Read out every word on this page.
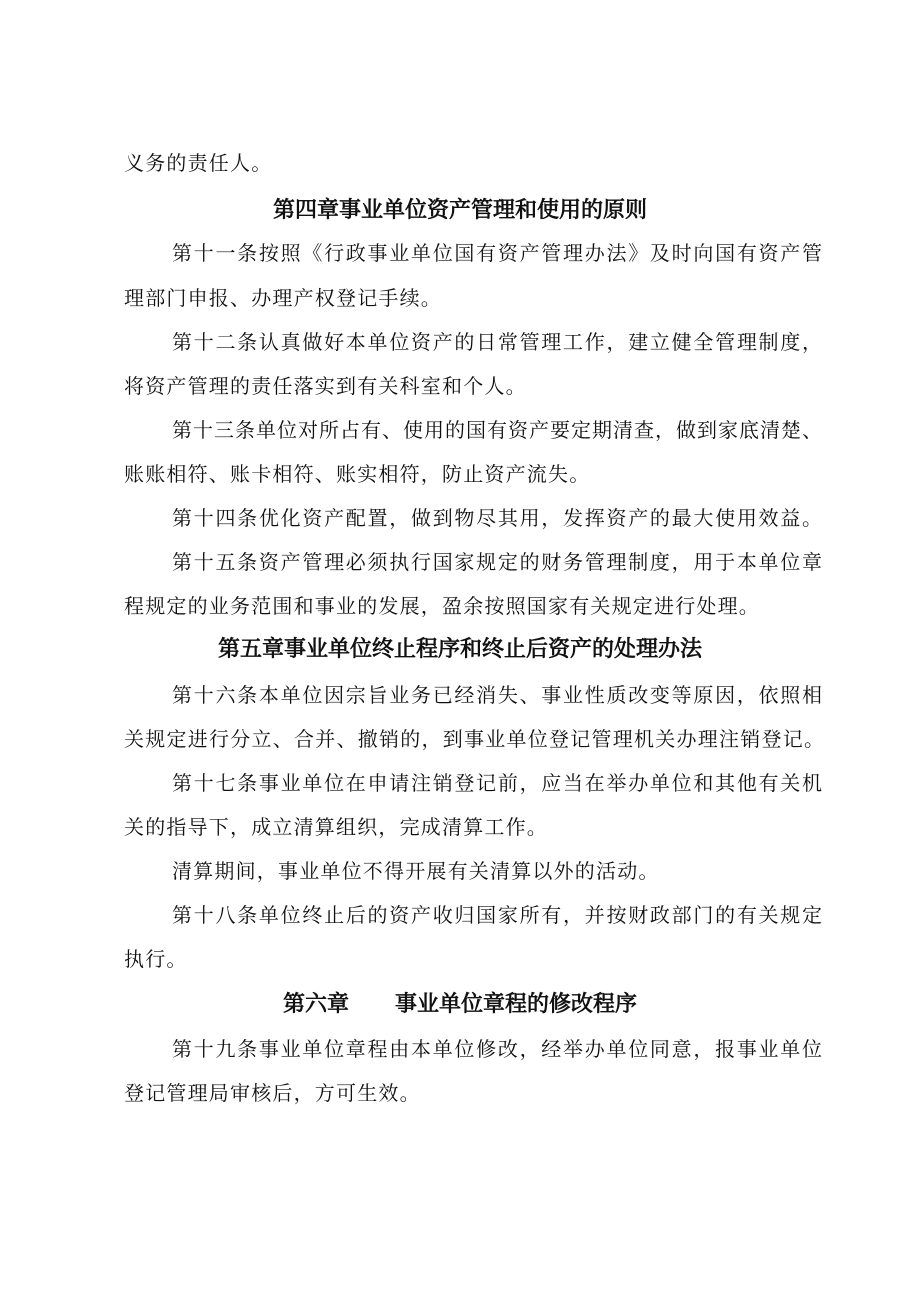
义务的责任人。
第四章事业单位资产管理和使用的原则
第十一条按照《行政事业单位国有资产管理办法》及时向国有资产管
理部门申报、办理产权登记手续。
第十二条认真做好本单位资产的日常管理工作，建立健全管理制度，
将资产管理的责任落实到有关科室和个人。
第十三条单位对所占有、使用的国有资产要定期清查，做到家底清楚、
账账相符、账卡相符、账实相符，防止资产流失。
第十四条优化资产配置，做到物尽其用，发挥资产的最大使用效益。
第十五条资产管理必须执行国家规定的财务管理制度，用于本单位章
程规定的业务范围和事业的发展，盈余按照国家有关规定进行处理。
第五章事业单位终止程序和终止后资产的处理办法
第十六条本单位因宗旨业务已经消失、事业性质改变等原因，依照相
关规定进行分立、合并、撤销的，到事业单位登记管理机关办理注销登记。
第十七条事业单位在申请注销登记前，应当在举办单位和其他有关机
关的指导下，成立清算组织，完成清算工作。
清算期间，事业单位不得开展有关清算以外的活动。
第十八条单位终止后的资产收归国家所有，并按财政部门的有关规定
执行。
第六章 事业单位章程的修改程序
第十九条事业单位章程由本单位修改，经举办单位同意，报事业单位
登记管理局审核后，方可生效。
